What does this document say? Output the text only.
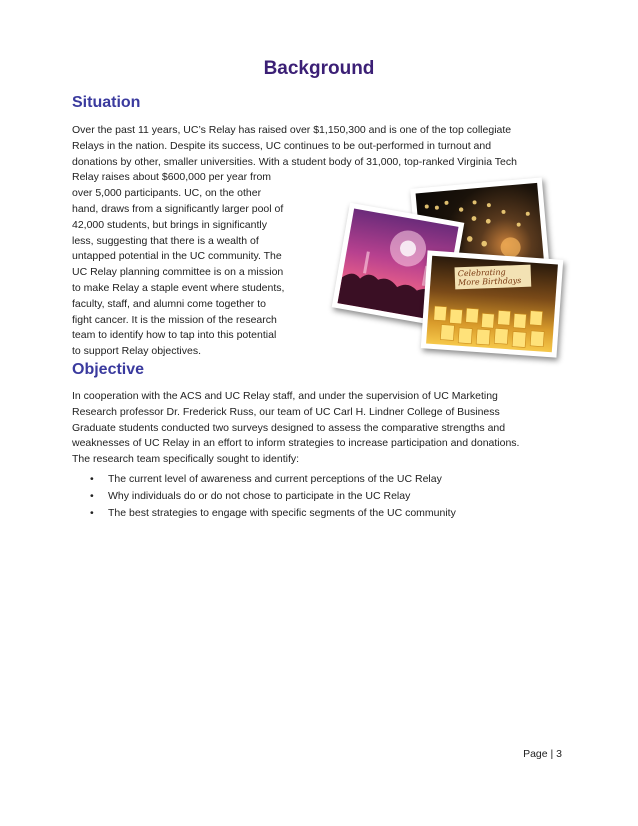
Background
Situation
Over the past 11 years, UC’s Relay has raised over $1,150,300 and is one of the top collegiate
Relays in the nation. Despite its success, UC continues to be out-performed in turnout and
donations by other, smaller universities. With a student body of 31,000, top-ranked Virginia Tech
Relay raises about $600,000 per year from
over 5,000 participants. UC, on the other
hand, draws from a significantly larger pool of
42,000 students, but brings in significantly
less, suggesting that there is a wealth of
untapped potential in the UC community. The
UC Relay planning committee is on a mission
to make Relay a staple event where students,
faculty, staff, and alumni come together to
fight cancer. It is the mission of the research
team to identify how to tap into this potential
to support Relay objectives.
Celebrating More Birthdays
Objective
In cooperation with the ACS and UC Relay staff, and under the supervision of UC Marketing
Research professor Dr. Frederick Russ, our team of UC Carl H. Lindner College of Business
Graduate students conducted two surveys designed to assess the comparative strengths and
weaknesses of UC Relay in an effort to inform strategies to increase participation and donations.
The research team specifically sought to identify:
• The current level of awareness and current perceptions of the UC Relay
• Why individuals do or do not chose to participate in the UC Relay
• The best strategies to engage with specific segments of the UC community
Page | 3
